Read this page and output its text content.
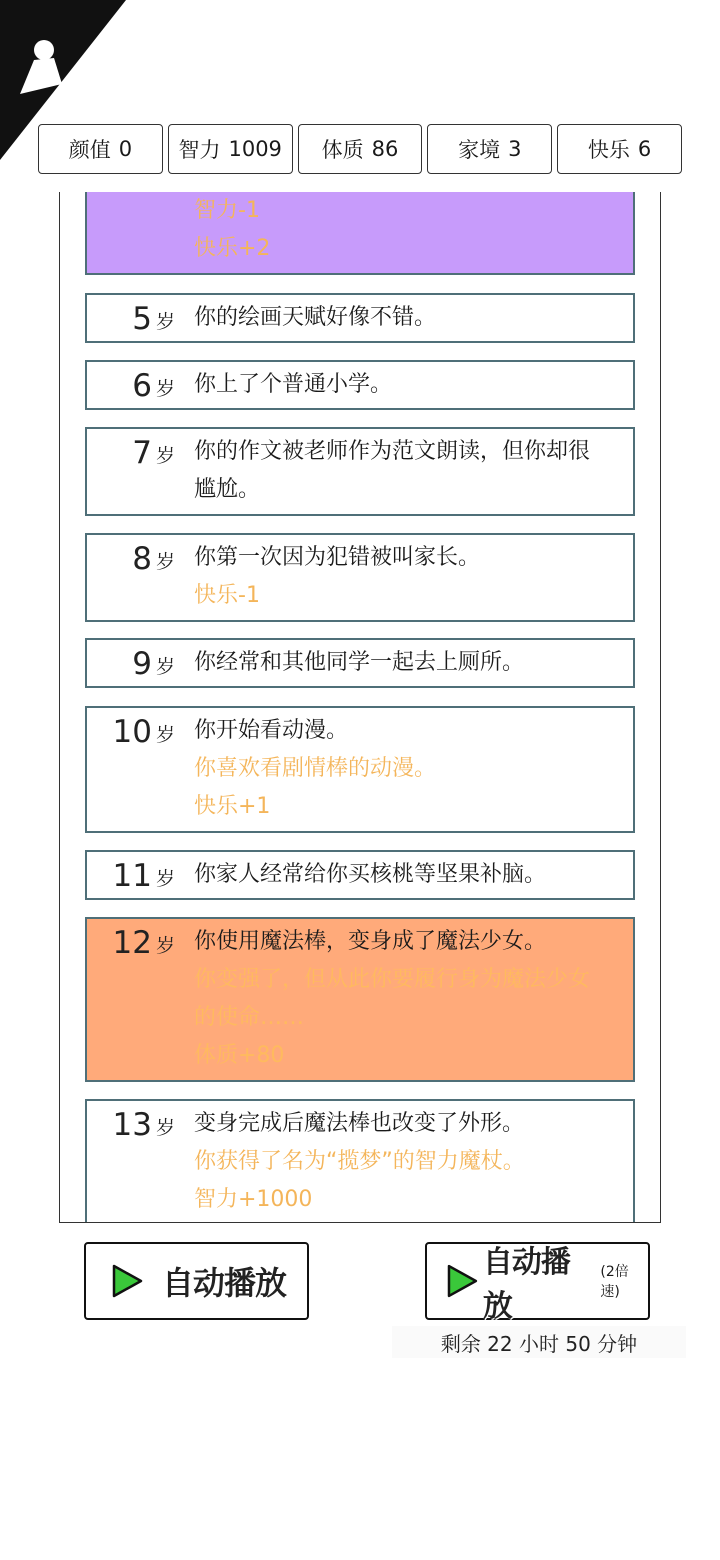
颜值 0 智力 1009 体质 86	家境 3	快乐 6
智力-1
快乐+2
5 岁 你的绘画天赋好像不错。
6 岁 你上了个普通小学。
7 岁 你的作文被老师作为范文朗读，但你却很
尴尬。
8 岁 你第一次因为犯错被叫家长。
快乐-1
9 岁 你经常和其他同学一起去上厕所。
10 岁 你开始看动漫。
你喜欢看剧情棒的动漫。
快乐+1
11 岁 你家人经常给你买核桃等坚果补脑。
12 岁 你使用魔法棒，变身成了魔法少女。
你变强了，但从此你要履行身为魔法少女
的使命……
体质+80
13 岁 变身完成后魔法棒也改变了外形。
你获得了名为“揽梦”的智力魔杖。
智力+1000
自动播放
自动播放
(2倍速)
剩余 22 小时 50 分钟
